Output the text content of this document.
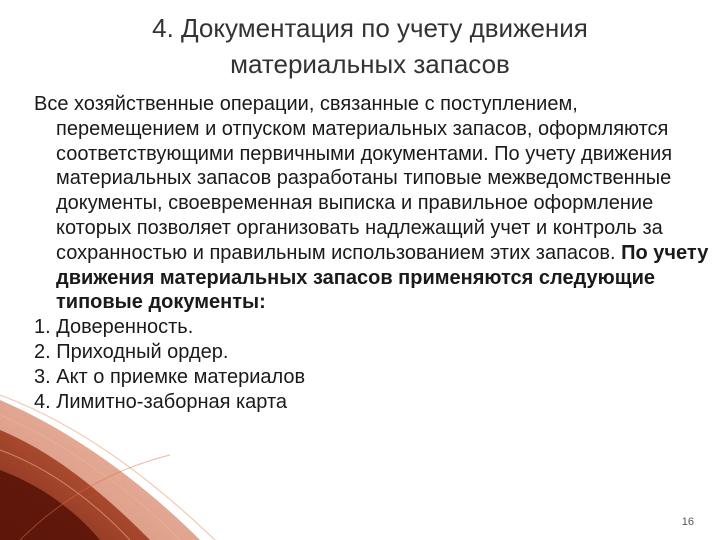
4. Документация по учету движения
материальных запасов

Все хозяйственные операции, связанные с поступлением, перемещением и отпуском материальных запасов, оформляются соответствующими первичными документами. По учету движения материальных запасов разработаны типовые межведомственные документы, своевременная выписка и правильное оформление которых позволяет организовать надлежащий учет и контроль за сохранностью и правильным использованием этих запасов. По учету движения материальных запасов применяются следующие типовые документы:

1. Доверенность.
2. Приходный ордер.
3. Акт о приемке материалов
4. Лимитно-заборная карта
16
